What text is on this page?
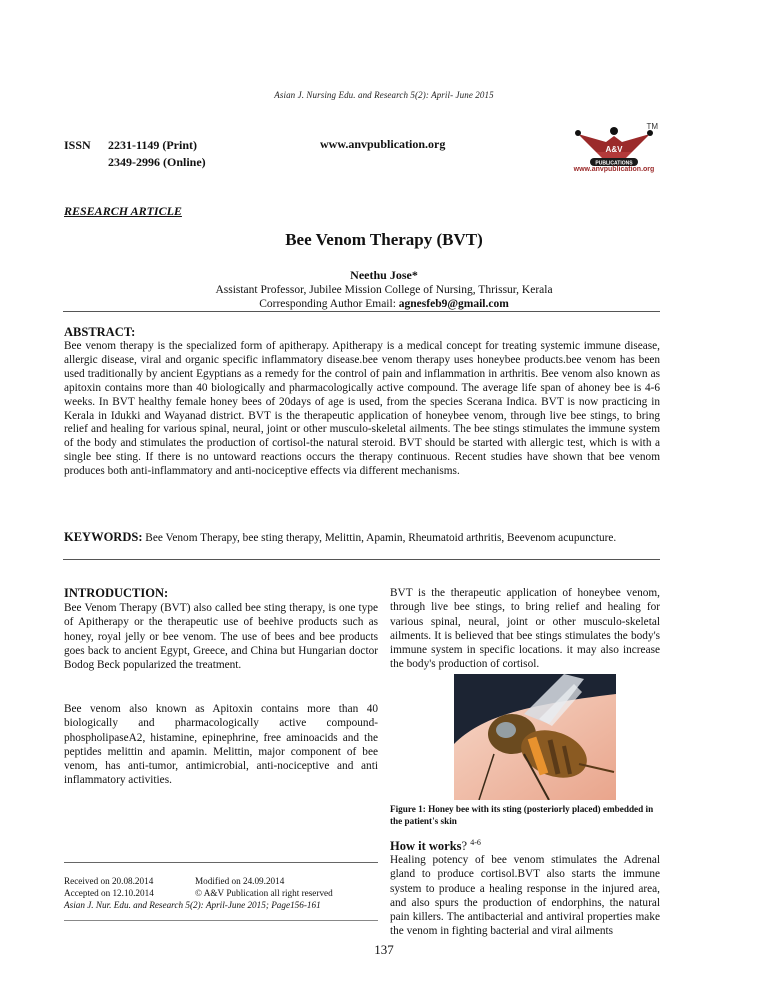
Asian J. Nursing Edu. and Research 5(2): April- June 2015
ISSN 2231-1149 (Print)
2349-2996 (Online)
www.anvpublication.org	A&V
PUBLICATIONS
TM
www.anvpublication.org
RESEARCH ARTICLE
Bee Venom Therapy (BVT)
Neethu Jose*
Assistant Professor, Jubilee Mission College of Nursing, Thrissur, Kerala
Corresponding Author Email: agnesfeb9@gmail.com
ABSTRACT:
Bee venom therapy is the specialized form of apitherapy. Apitherapy is a medical concept for treating systemic immune disease, allergic disease, viral and organic specific inflammatory disease.bee venom therapy uses honeybee products.bee venom has been used traditionally by ancient Egyptians as a remedy for the control of pain and inflammation in arthritis. Bee venom also known as apitoxin contains more than 40 biologically and pharmacologically active compound. The average life span of ahoney bee is 4-6 weeks. In BVT healthy female honey bees of 20days of age is used, from the species Scerana Indica. BVT is now practicing in Kerala in Idukki and Wayanad district. BVT is the therapeutic application of honeybee venom, through live bee stings, to bring relief and healing for various spinal, neural, joint or other musculo-skeletal ailments. The bee stings stimulates the immune system of the body and stimulates the production of cortisol-the natural steroid. BVT should be started with allergic test, which is with a single bee sting. If there is no untoward reactions occurs the therapy continuous. Recent studies have shown that bee venom produces both anti-inflammatory and anti-nociceptive effects via different mechanisms.
KEYWORDS: Bee Venom Therapy, bee sting therapy, Melittin, Apamin, Rheumatoid arthritis, Beevenom acupuncture.
INTRODUCTION:
Bee Venom Therapy (BVT) also called bee sting therapy, is one type of Apitherapy or the therapeutic use of beehive products such as honey, royal jelly or bee venom. The use of bees and bee products goes back to ancient Egypt, Greece, and China but Hungarian doctor Bodog Beck popularized the treatment.
Bee venom also known as Apitoxin contains more than 40 biologically and pharmacologically active compound-phospholipaseA2, histamine, epinephrine, free aminoacids and the peptides melittin and apamin. Melittin, major component of bee venom, has anti-tumor, antimicrobial, anti-nociceptive and anti inflammatory activities.
Received on 20.08.2014	Modified on 24.09.2014
Accepted on 12.10.2014	© A&V Publication all right reserved
Asian J. Nur. Edu. and Research 5(2): April-June 2015; Page156-161
BVT is the therapeutic application of honeybee venom, through live bee stings, to bring relief and healing for various spinal, neural, joint or other musculo-skeletal ailments. It is believed that bee stings stimulates the body's immune system in specific locations. it may also increase the body's production of cortisol.
Figure 1: Honey bee with its sting (posteriorly placed) embedded in the patient's skin
How it works? $^{4-6}$
Healing potency of bee venom stimulates the Adrenal gland to produce cortisol.BVT also starts the immune system to produce a healing response in the injured area, and also spurs the production of endorphins, the natural pain killers. The antibacterial and antiviral properties make the venom in fighting bacterial and viral ailments
137
